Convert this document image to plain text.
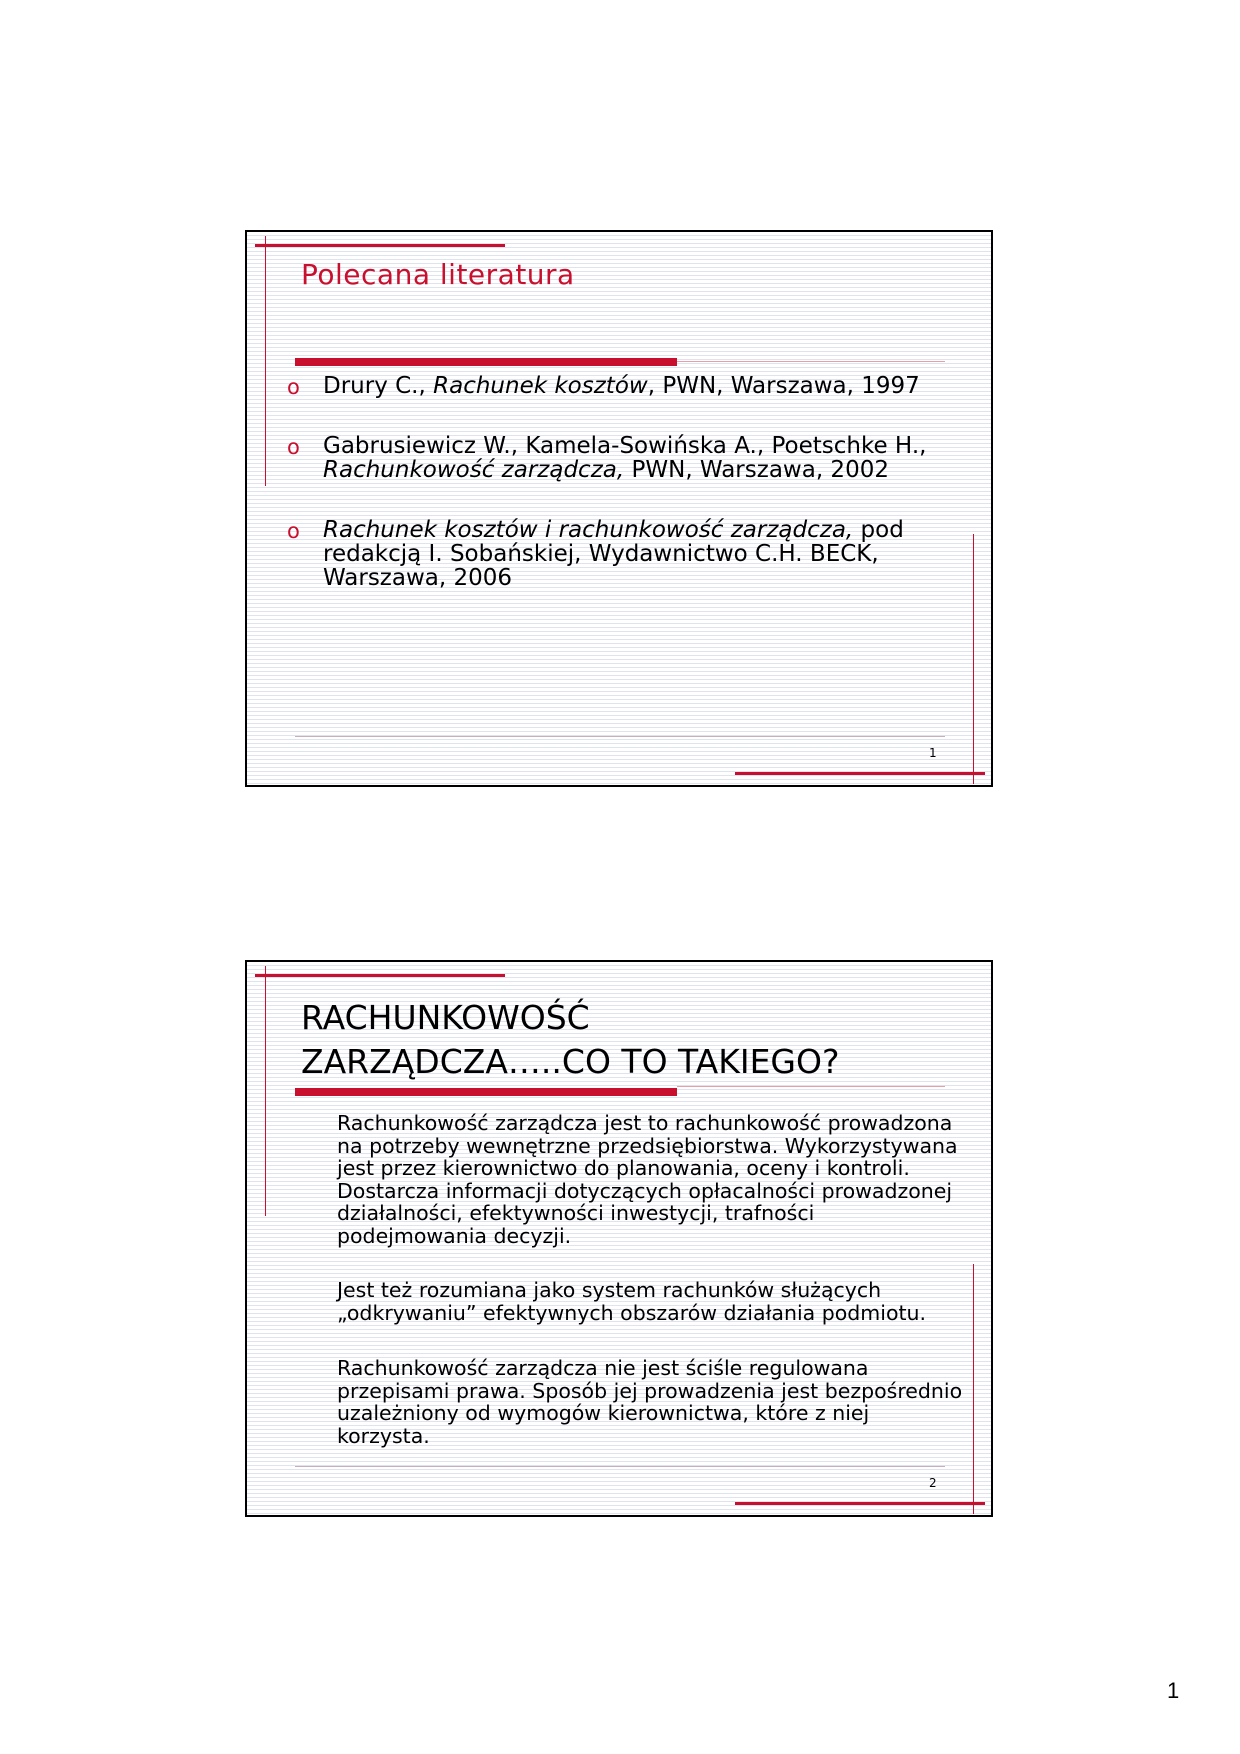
Polecana literatura
o Drury C., Rachunek kosztów, PWN, Warszawa, 1997
o Gabrusiewicz W., Kamela-Sowińska A., Poetschke H., Rachunkowość zarządcza, PWN, Warszawa, 2002
o Rachunek kosztów i rachunkowość zarządcza, pod redakcją I. Sobańskiej, Wydawnictwo C.H. BECK, Warszawa, 2006
1
RACHUNKOWOŚĆ
ZARZĄDCZA…..CO TO TAKIEGO?
Rachunkowość zarządcza jest to rachunkowość prowadzona na potrzeby wewnętrzne przedsiębiorstwa. Wykorzystywana jest przez kierownictwo do planowania, oceny i kontroli. Dostarcza informacji dotyczących opłacalności prowadzonej działalności, efektywności inwestycji, trafności podejmowania decyzji.
Jest też rozumiana jako system rachunków służących „odkrywaniu” efektywnych obszarów działania podmiotu.
Rachunkowość zarządcza nie jest ściśle regulowana przepisami prawa. Sposób jej prowadzenia jest bezpośrednio uzależniony od wymogów kierownictwa, które z niej korzysta.
2
1
